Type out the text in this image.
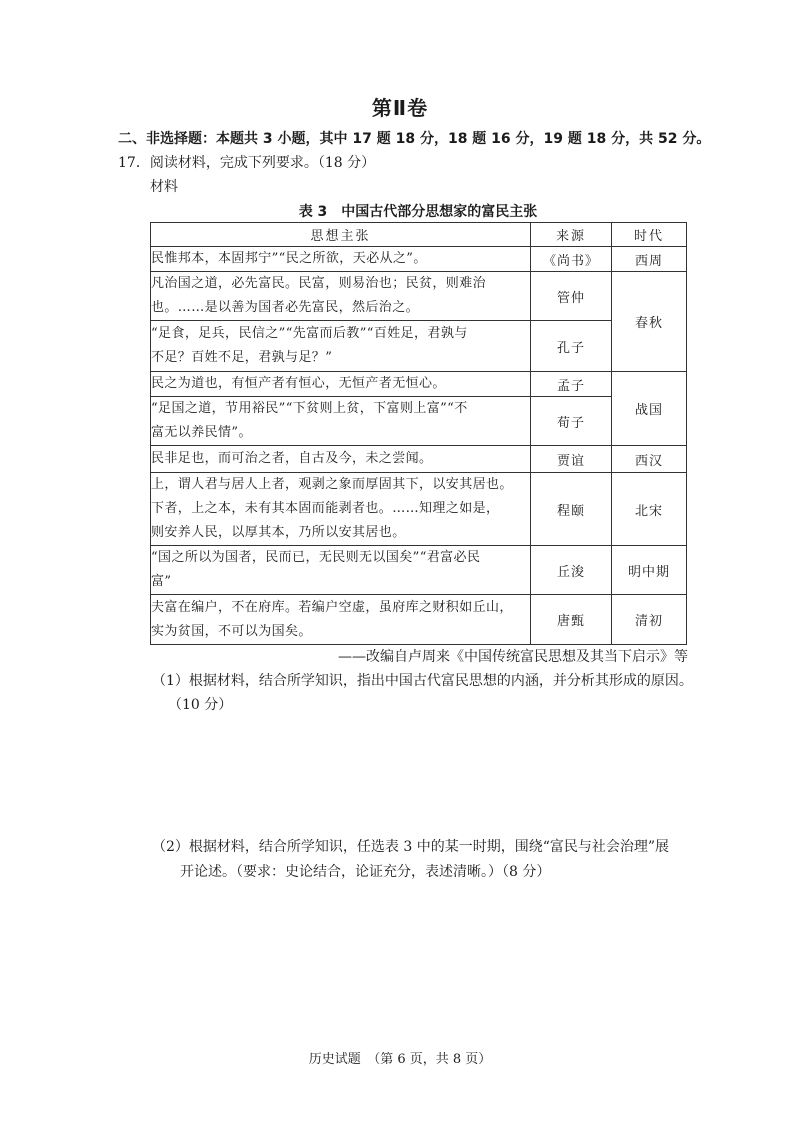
第Ⅱ卷
二、非选择题：本题共 3 小题，其中 17 题 18 分，18 题 16 分，19 题 18 分，共 52 分。
17．阅读材料，完成下列要求。（18 分）
材料
表 3　中国古代部分思想家的富民主张
思想主张	来源	时代

民惟邦本，本固邦宁”“民之所欲，天必从之”。	《尚书》	西周

凡治国之道，必先富民。民富，则易治也；民贫，则难治
也。……是以善为国者必先富民，然后治之。	管仲	春秋

“足食，足兵，民信之”“先富而后教”“百姓足，君孰与
不足？百姓不足，君孰与足？”	孔子	

民之为道也，有恒产者有恒心，无恒产者无恒心。	孟子	战国

“足国之道，节用裕民”“下贫则上贫，下富则上富”“不
富无以养民情”。	荀子	

民非足也，而可治之者，自古及今，未之尝闻。	贾谊	西汉

上，谓人君与居人上者，观剥之象而厚固其下，以安其居也。
下者，上之本，未有其本固而能剥者也。……知理之如是，
则安养人民，以厚其本，乃所以安其居也。	程颐	北宋

“国之所以为国者，民而已，无民则无以国矣”“君富必民
富”	丘浚	明中期

夫富在编户，不在府库。若编户空虚，虽府库之财积如丘山，
实为贫国，不可以为国矣。	唐甄	清初
——改编自卢周来《中国传统富民思想及其当下启示》等
（1）根据材料，结合所学知识，指出中国古代富民思想的内涵，并分析其形成的原因。
（10 分）
（2）根据材料，结合所学知识，任选表 3 中的某一时期，围绕“富民与社会治理”展
开论述。（要求：史论结合，论证充分，表述清晰。）（8 分）
历史试题　（第 6 页，共 8 页）
